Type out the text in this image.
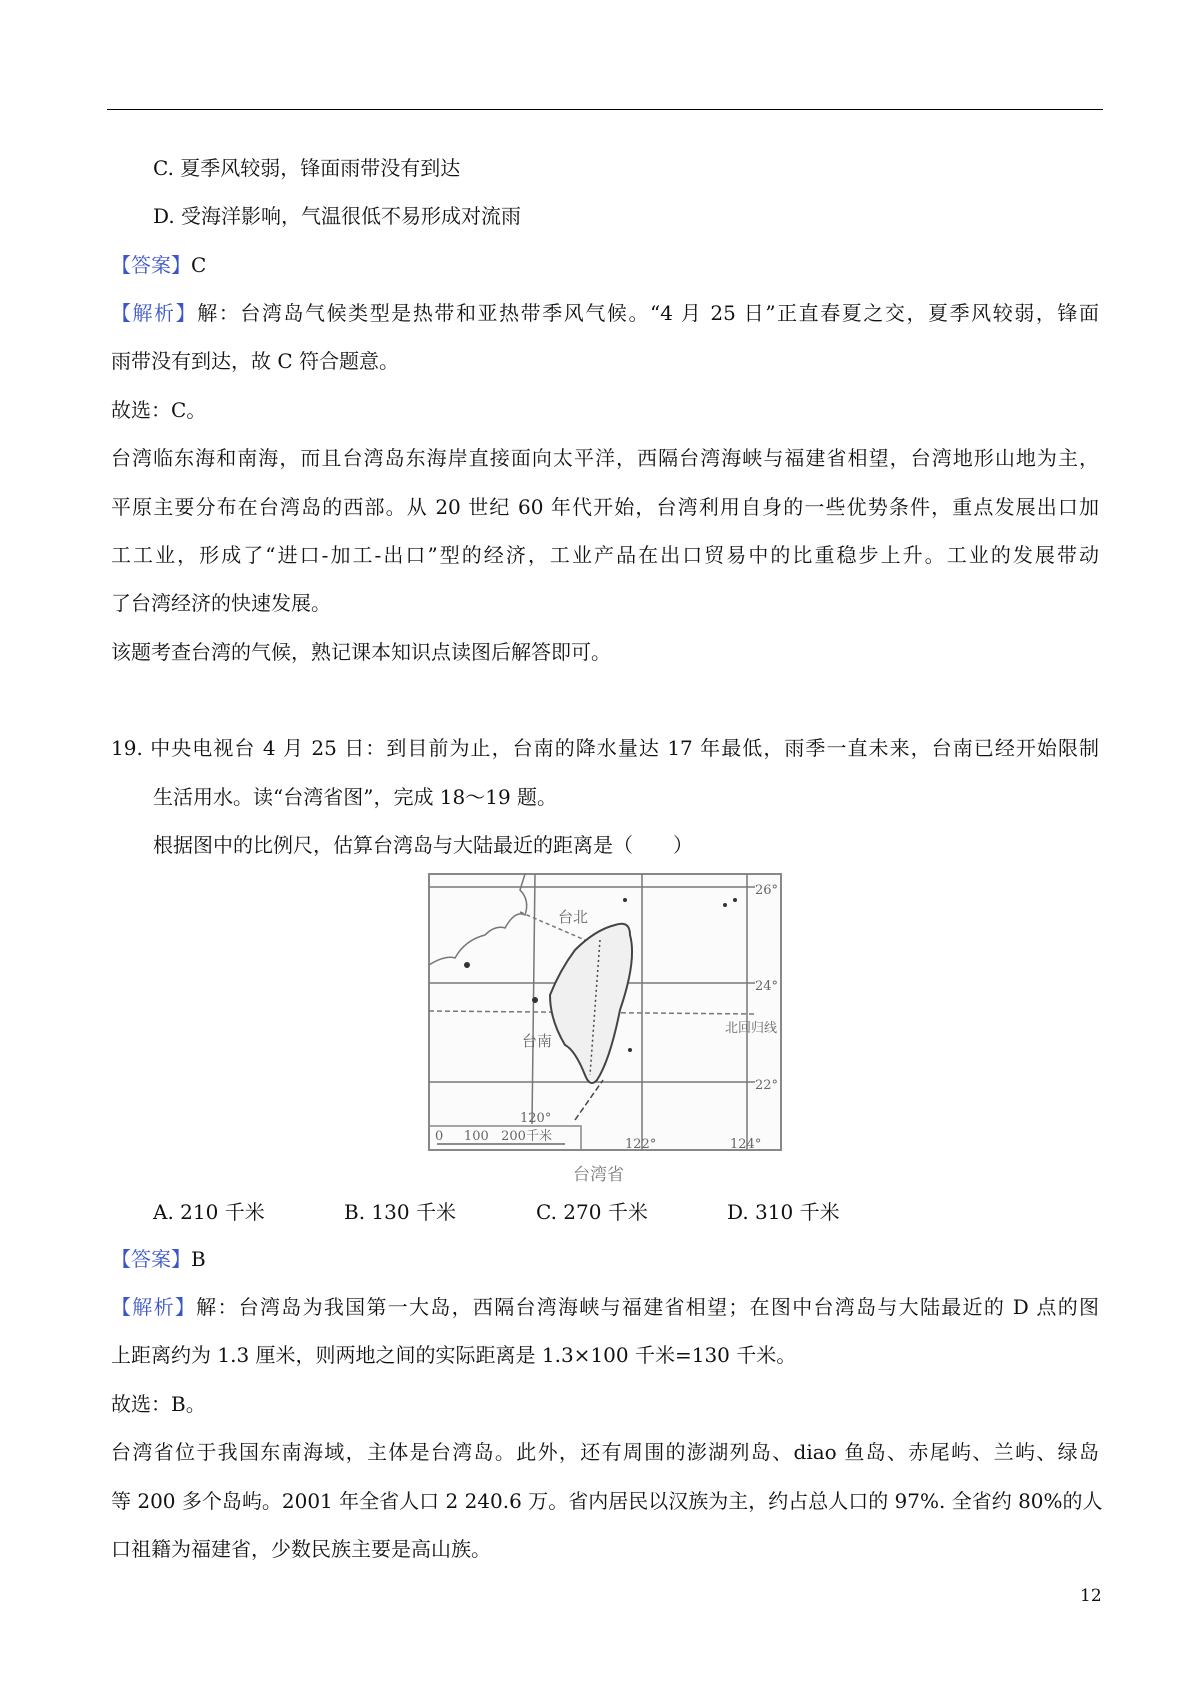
C. 夏季风较弱，锋面雨带没有到达
D. 受海洋影响，气温很低不易形成对流雨
【答案】C
【解析】解：台湾岛气候类型是热带和亚热带季风气候。“4 月 25 日”正直春夏之交，夏季风较弱，锋面
雨带没有到达，故 C 符合题意。
故选：C。
台湾临东海和南海，而且台湾岛东海岸直接面向太平洋，西隔台湾海峡与福建省相望，台湾地形山地为主，
平原主要分布在台湾岛的西部。从 20 世纪 60 年代开始，台湾利用自身的一些优势条件，重点发展出口加
工工业，形成了“进口-加工-出口”型的经济，工业产品在出口贸易中的比重稳步上升。工业的发展带动
了台湾经济的快速发展。
该题考查台湾的气候，熟记课本知识点读图后解答即可。
19. 中央电视台 4 月 25 日：到目前为止，台南的降水量达 17 年最低，雨季一直未来，台南已经开始限制
生活用水。读“台湾省图”，完成 18～19 题。
根据图中的比例尺，估算台湾岛与大陆最近的距离是（　　）
台北
台南
北回归线
26°
24°
22°
120°
122°	124°
0     100   200千米
台湾省
A. 210 千米	B. 130 千米	C. 270 千米	D. 310 千米
【答案】B
【解析】解：台湾岛为我国第一大岛，西隔台湾海峡与福建省相望；在图中台湾岛与大陆最近的 D 点的图
上距离约为 1.3 厘米，则两地之间的实际距离是 1.3×100 千米=130 千米。
故选：B。
台湾省位于我国东南海域，主体是台湾岛。此外，还有周围的澎湖列岛、diao 鱼岛、赤尾屿、兰屿、绿岛
等 200 多个岛屿。2001 年全省人口 2 240.6 万。省内居民以汉族为主，约占总人口的 97%. 全省约 80%的人
口祖籍为福建省，少数民族主要是高山族。
12
